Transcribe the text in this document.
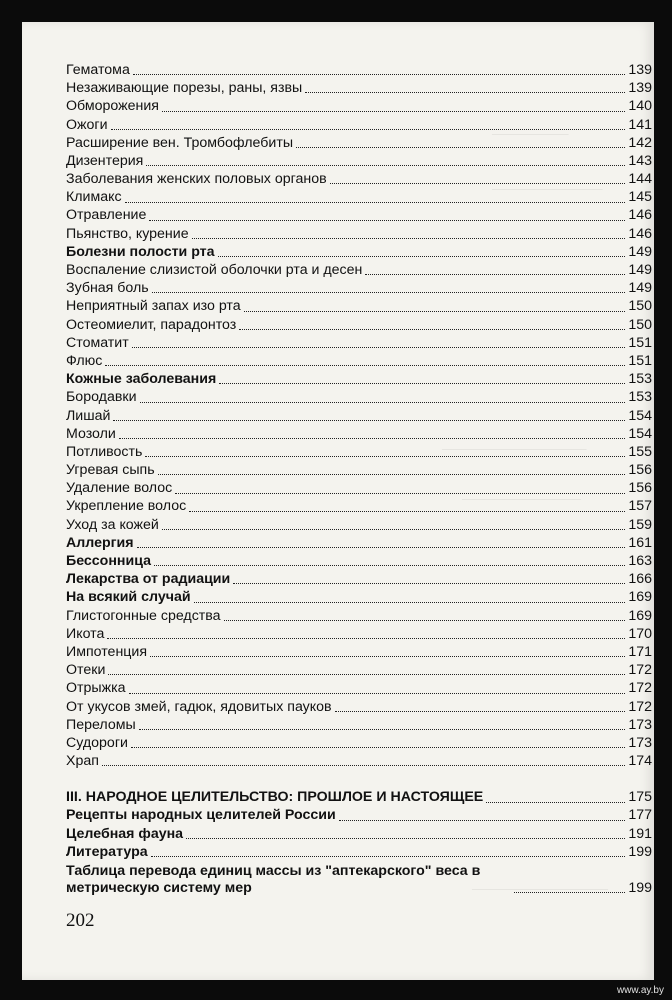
─────────
─────────────
─────────────────
──────────────
────────────────
Гематома	139
Незаживающие порезы, раны, язвы	139
Обморожения	140
Ожоги	141
Расширение вен. Тромбофлебиты	142
Дизентерия	143
Заболевания женских половых органов	144
Климакс	145
Отравление	146
Пьянство, курение	146
Болезни полости рта	149
Воспаление слизистой оболочки рта и десен	149
Зубная боль	149
Неприятный запах изо рта	150
Остеомиелит, парадонтоз	150
Стоматит	151
Флюс	151
Кожные заболевания	153
Бородавки	153
Лишай	154
Мозоли	154
Потливость	155
Угревая сыпь	156
Удаление волос	156
Укрепление волос	157
Уход за кожей	159
Аллергия	161
Бессонница	163
Лекарства от радиации	166
На всякий случай	169
Глистогонные средства	169
Икота	170
Импотенция	171
Отеки	172
Отрыжка	172
От укусов змей, гадюк, ядовитых пауков	172
Переломы	173
Судороги	173
Храп	174
III. НАРОДНОЕ ЦЕЛИТЕЛЬСТВО: ПРОШЛОЕ И НАСТОЯЩЕЕ	175
Рецепты народных целителей России	177
Целебная фауна	191
Литература	199
Таблица перевода единиц массы из "аптекарского" веса в метрическую систему мер	199
202
www.ay.by
